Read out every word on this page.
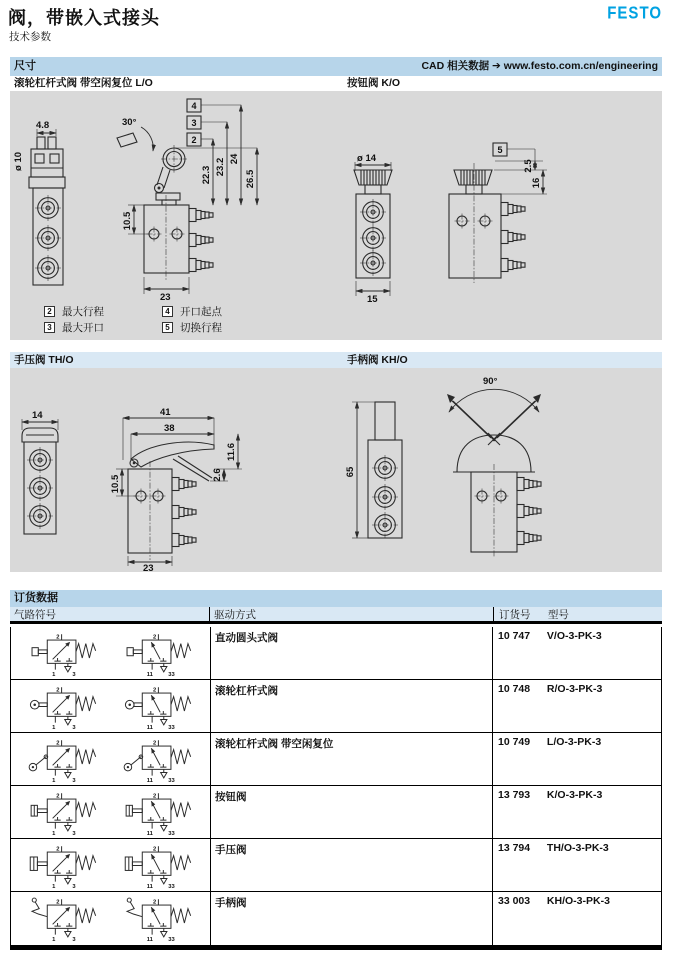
阀，带嵌入式接头
技术参数
FESTO
尺寸	CAD 相关数据 ➔ www.festo.com.cn/engineering
滚轮杠杆式阀 带空闲复位 L/O	按钮阀 K/O
4.8
ø 10
30°
4
3
2
22.3 23.2 24
26.5
10.5
23
ø 14
15
5
2.5
16
2 最大行程
3 最大开口
4 开口起点
5 切换行程
手压阀 TH/O	手柄阀 KH/O
14	41
38
11.6
2.6
10.5
23
65
90°
订货数据
气路符号	驱动方式	订货号 型号
2
1	3
2
11 33
直动圆头式阀	10 747 V/O-3-PK-3
2
1	3
2
11 33
滚轮杠杆式阀	10 748 R/O-3-PK-3
2
1	3
2
11 33
滚轮杠杆式阀 带空闲复位	10 749 L/O-3-PK-3
2
1	3
2
11 33
按钮阀	13 793 K/O-3-PK-3
2
1	3
2
11 33
手压阀	13 794 TH/O-3-PK-3
2
1	3
2
11 33
手柄阀	33 003 KH/O-3-PK-3
